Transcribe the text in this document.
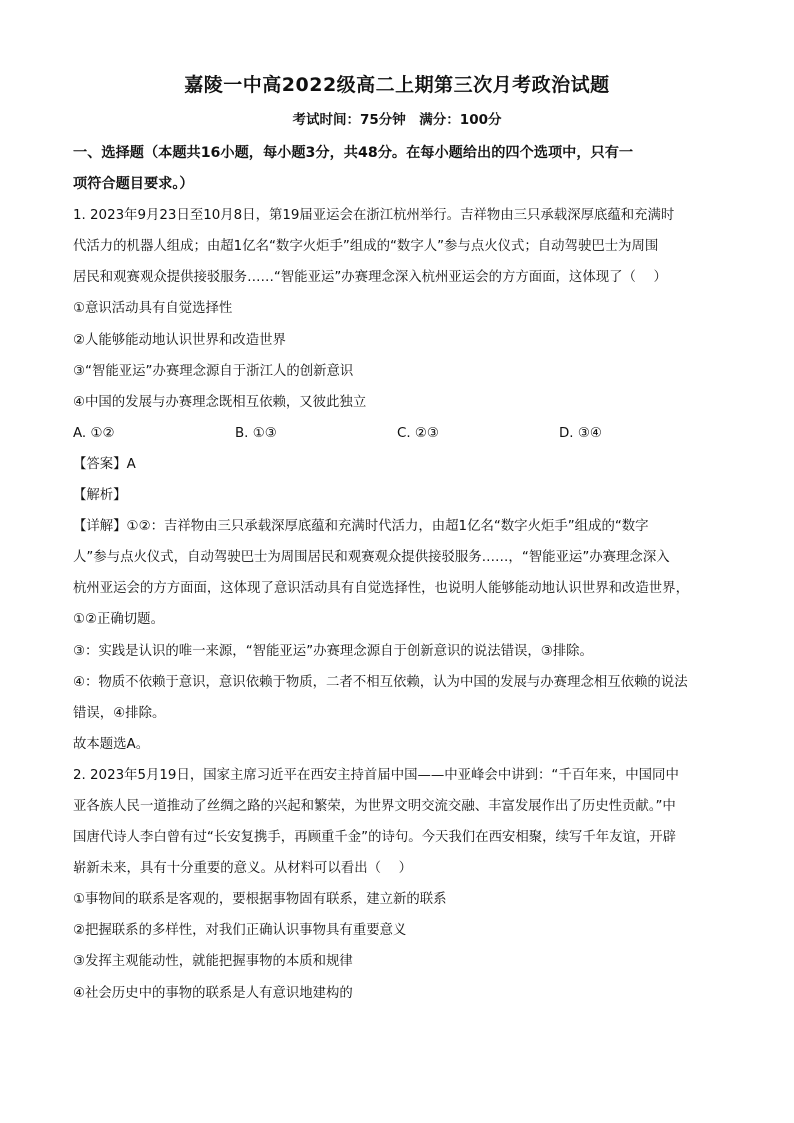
嘉陵一中高2022级高二上期第三次月考政治试题
考试时间：75分钟　满分：100分
一、选择题（本题共16小题，每小题3分，共48分。在每小题给出的四个选项中，只有一
项符合题目要求。）
1. 2023年9月23日至10月8日，第19届亚运会在浙江杭州举行。吉祥物由三只承载深厚底蕴和充满时
代活力的机器人组成；由超1亿名“数字火炬手”组成的“数字人”参与点火仪式；自动驾驶巴士为周围
居民和观赛观众提供接驳服务……“智能亚运”办赛理念深入杭州亚运会的方方面面，这体现了（　 ）
①意识活动具有自觉选择性
②人能够能动地认识世界和改造世界
③“智能亚运”办赛理念源自于浙江人的创新意识
④中国的发展与办赛理念既相互依赖，又彼此独立
A. ①②	B. ①③	C. ②③	D. ③④
【答案】A
【解析】
【详解】①②：吉祥物由三只承载深厚底蕴和充满时代活力，由超1亿名“数字火炬手”组成的“数字
人”参与点火仪式，自动驾驶巴士为周围居民和观赛观众提供接驳服务……，“智能亚运”办赛理念深入
杭州亚运会的方方面面，这体现了意识活动具有自觉选择性，也说明人能够能动地认识世界和改造世界，
①②正确切题。
③：实践是认识的唯一来源，“智能亚运”办赛理念源自于创新意识的说法错误，③排除。
④：物质不依赖于意识，意识依赖于物质，二者不相互依赖，认为中国的发展与办赛理念相互依赖的说法
错误，④排除。
故本题选A。
2. 2023年5月19日，国家主席习近平在西安主持首届中国——中亚峰会中讲到：“千百年来，中国同中
亚各族人民一道推动了丝绸之路的兴起和繁荣，为世界文明交流交融、丰富发展作出了历史性贡献。”中
国唐代诗人李白曾有过“长安复携手，再顾重千金”的诗句。今天我们在西安相聚，续写千年友谊，开辟
崭新未来，具有十分重要的意义。从材料可以看出（　 ）
①事物间的联系是客观的，要根据事物固有联系，建立新的联系
②把握联系的多样性，对我们正确认识事物具有重要意义
③发挥主观能动性，就能把握事物的本质和规律
④社会历史中的事物的联系是人有意识地建构的
